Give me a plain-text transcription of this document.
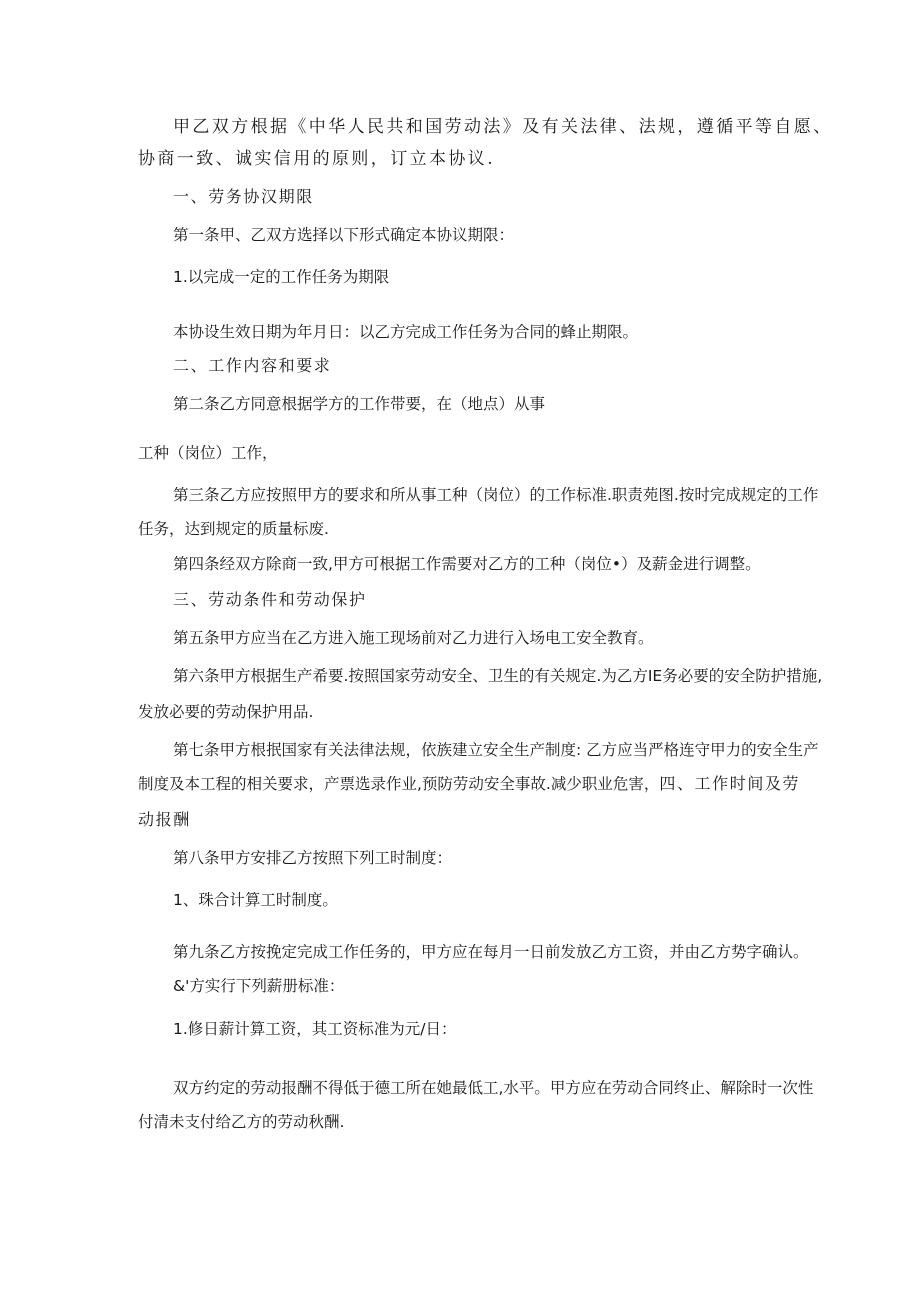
甲乙双方根据《中华人民共和国劳动法》及有关法律、法规，遵循平等自愿、
协商一致、诚实信用的原则，订立本协议.
一、劳务协汉期限
第一条甲、乙双方选择以下形式确定本协议期限：
1.以完成一定的工作任务为期限
本协设生效日期为年月日：以乙方完成工作任务为合同的蜂止期限。
二、工作内容和要求
第二条乙方同意根据学方的工作带要，在（地点）从事
工种（岗位）工作，
第三条乙方应按照甲方的要求和所从事工种（岗位）的工作标准.职责苑图.按时完成规定的工作
任务，达到规定的质量标废.
第四条经双方除商一致,甲方可根据工作需要对乙方的工种（岗位•）及薪金进行调整。
三、劳动条件和劳动保护
第五条甲方应当在乙方进入施工现场前对乙力进行入场电工安全教育。
第六条甲方根据生产希要.按照国家劳动安全、卫生的有关规定.为乙方IE务必要的安全防护措施,
发放必要的劳动保护用品.
第七条甲方根抿国家有关法律法规，依族建立安全生产制度: 乙方应当严格连守甲力的安全生产
制度及本工程的相关要求，产票选录作业,预防劳动安全事故.减少职业危害，四、工作时间及劳
动报酬
第八条甲方安排乙方按照下列工时制度：
1、珠合计算工时制度。
第九条乙方按挽定完成工作任务的，甲方应在每月一日前发放乙方工资，并由乙方势字确认。
&'方实行下列薪册标准：
1.修日薪计算工资，其工资标准为元/日：
双方约定的劳动报酬不得低于德工所在她最低工,水平。甲方应在劳动合同终止、解除时一次性
付清未支付给乙方的劳动秋酬.
